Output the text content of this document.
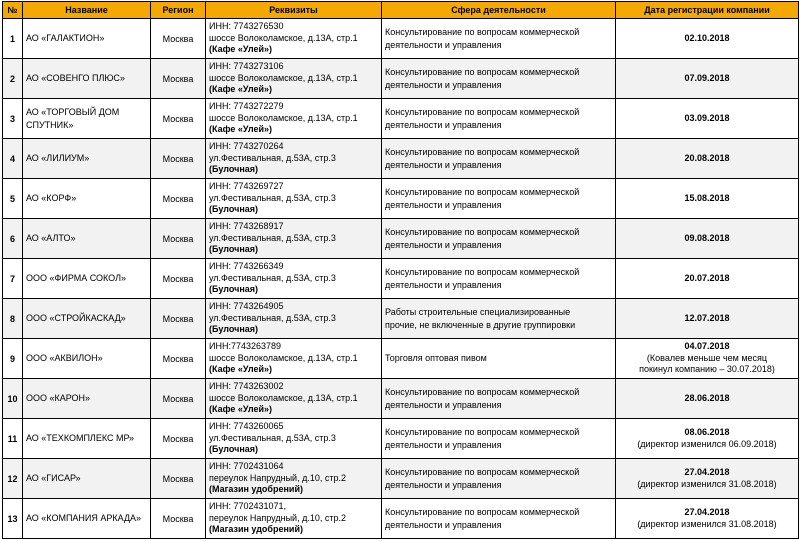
№	Название	Регион	Реквизиты	Сфера деятельности	Дата регистрации компании
1	АО «ГАЛАКТИОН»	Москва	ИНН: 7743276530
шоссе Волоколамское, д.13А, стр.1
(Кафе «Улей»)	Консультирование по вопросам коммерческой
деятельности и управления	02.10.2018

2	АО «СОВЕНГО ПЛЮС»	Москва	ИНН: 7743273106
шоссе Волоколамское, д.13А, стр.1
(Кафе «Улей»)	Консультирование по вопросам коммерческой
деятельности и управления	07.09.2018

3	АО «ТОРГОВЫЙ ДОМ СПУТНИК»	Москва	ИНН: 7743272279
шоссе Волоколамское, д.13А, стр.1
(Кафе «Улей»)	Консультирование по вопросам коммерческой
деятельности и управления	03.09.2018

4	АО «ЛИЛИУМ»	Москва	ИНН: 7743270264
ул.Фестивальная, д.53А, стр.3
(Булочная)	Консультирование по вопросам коммерческой
деятельности и управления	20.08.2018

5	АО «КОРФ»	Москва	ИНН: 7743269727
ул.Фестивальная, д.53А, стр.3
(Булочная)	Консультирование по вопросам коммерческой
деятельности и управления	15.08.2018

6	АО «АЛТО»	Москва	ИНН: 7743268917
ул.Фестивальная, д.53А, стр.3
(Булочная)	Консультирование по вопросам коммерческой
деятельности и управления	09.08.2018

7	ООО «ФИРМА СОКОЛ»	Москва	ИНН: 7743266349
ул.Фестивальная, д.53А, стр.3
(Булочная)	Консультирование по вопросам коммерческой
деятельности и управления	20.07.2018

8	ООО «СТРОЙКАСКАД»	Москва	ИНН: 7743264905
ул.Фестивальная, д.53А, стр.3
(Булочная)	Работы строительные специализированные
прочие, не включенные в другие группировки	12.07.2018

9	ООО «АКВИЛОН»	Москва	ИНН:7743263789
шоссе Волоколамское, д.13А, стр.1
(Кафе «Улей»)	Торговля оптовая пивом	04.07.2018
(Ковалев меньше чем месяц
покинул компанию – 30.07.2018)

10	ООО «КАРОН»	Москва	ИНН: 7743263002
шоссе Волоколамское, д.13А, стр.1
(Кафе «Улей»)	Консультирование по вопросам коммерческой
деятельности и управления	28.06.2018

11	АО «ТЕХКОМПЛЕКС МР»	Москва	ИНН: 7743260065
ул.Фестивальная, д.53А, стр.3
(Булочная)	Консультирование по вопросам коммерческой
деятельности и управления	08.06.2018
(директор изменился 06.09.2018)

12	АО «ГИСАР»	Москва	ИНН: 7702431064
переулок Напрудный, д.10, стр.2
(Магазин удобрений)	Консультирование по вопросам коммерческой
деятельности и управления	27.04.2018
(директор изменился 31.08.2018)

13	АО «КОМПАНИЯ АРКАДА»	Москва	ИНН: 7702431071,
переулок Напрудный, д.10, стр.2
(Магазин удобрений)	Консультирование по вопросам коммерческой
деятельности и управления	27.04.2018
(директор изменился 31.08.2018)
